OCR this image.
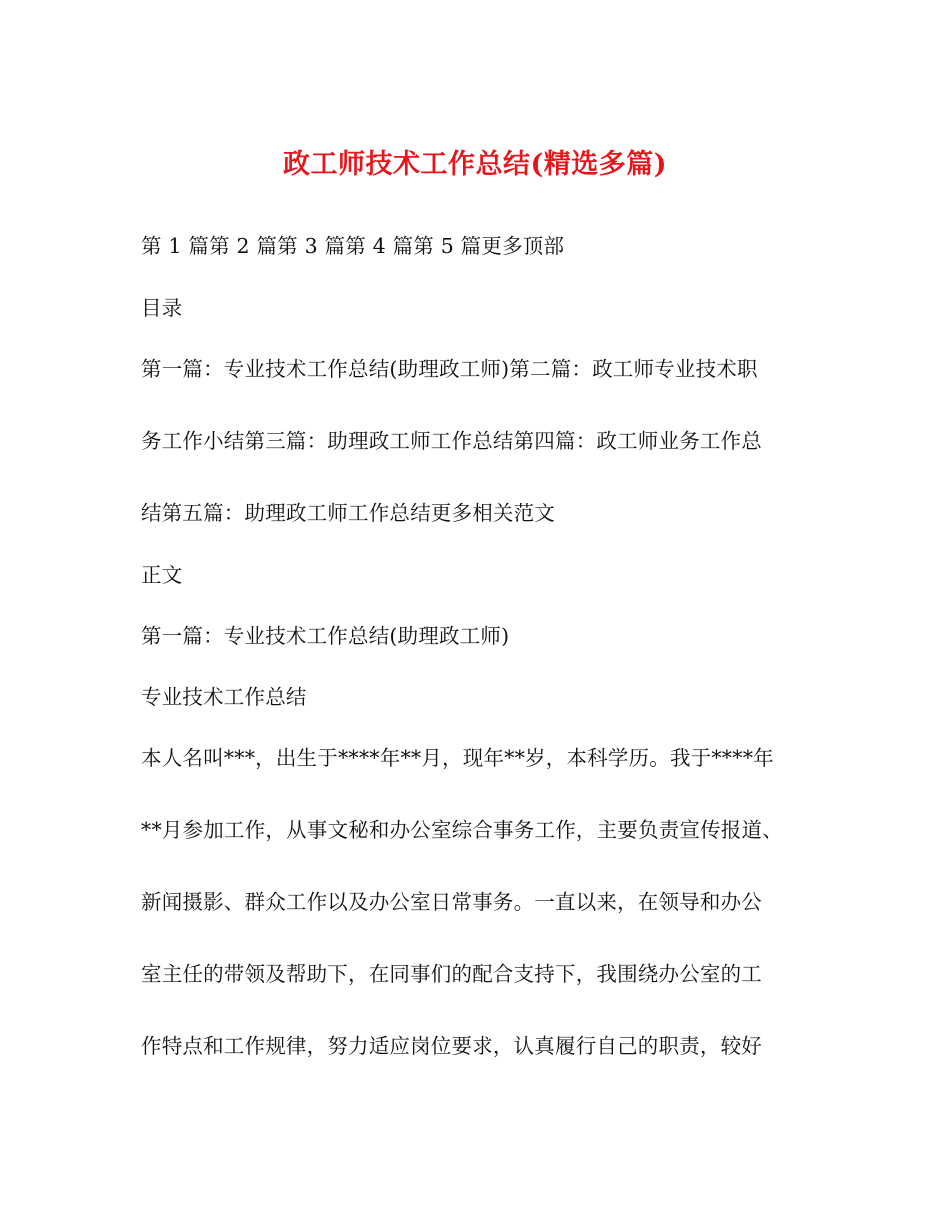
政工师技术工作总结(精选多篇)
第 1 篇第 2 篇第 3 篇第 4 篇第 5 篇更多顶部
目录
第一篇：专业技术工作总结(助理政工师)第二篇：政工师专业技术职
务工作小结第三篇：助理政工师工作总结第四篇：政工师业务工作总
结第五篇：助理政工师工作总结更多相关范文
正文
第一篇：专业技术工作总结(助理政工师)
专业技术工作总结
本人名叫***，出生于****年**月，现年**岁，本科学历。我于****年
**月参加工作，从事文秘和办公室综合事务工作，主要负责宣传报道、
新闻摄影、群众工作以及办公室日常事务。一直以来，在领导和办公
室主任的带领及帮助下，在同事们的配合支持下，我围绕办公室的工
作特点和工作规律，努力适应岗位要求，认真履行自己的职责，较好
